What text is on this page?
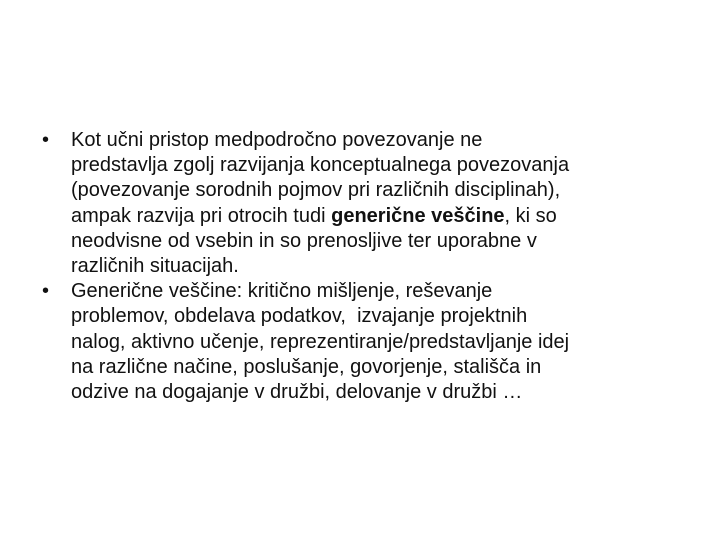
•	Kot učni pristop medpodročno povezovanje ne
predstavlja zgolj razvijanja konceptualnega povezovanja
(povezovanje sorodnih pojmov pri različnih disciplinah),
ampak razvija pri otrocih tudi generične veščine, ki so
neodvisne od vsebin in so prenosljive ter uporabne v
različnih situacijah.
•	Generične veščine: kritično mišljenje, reševanje
problemov, obdelava podatkov,  izvajanje projektnih
nalog, aktivno učenje, reprezentiranje/predstavljanje idej
na različne načine, poslušanje, govorjenje, stališča in
odzive na dogajanje v družbi, delovanje v družbi …
